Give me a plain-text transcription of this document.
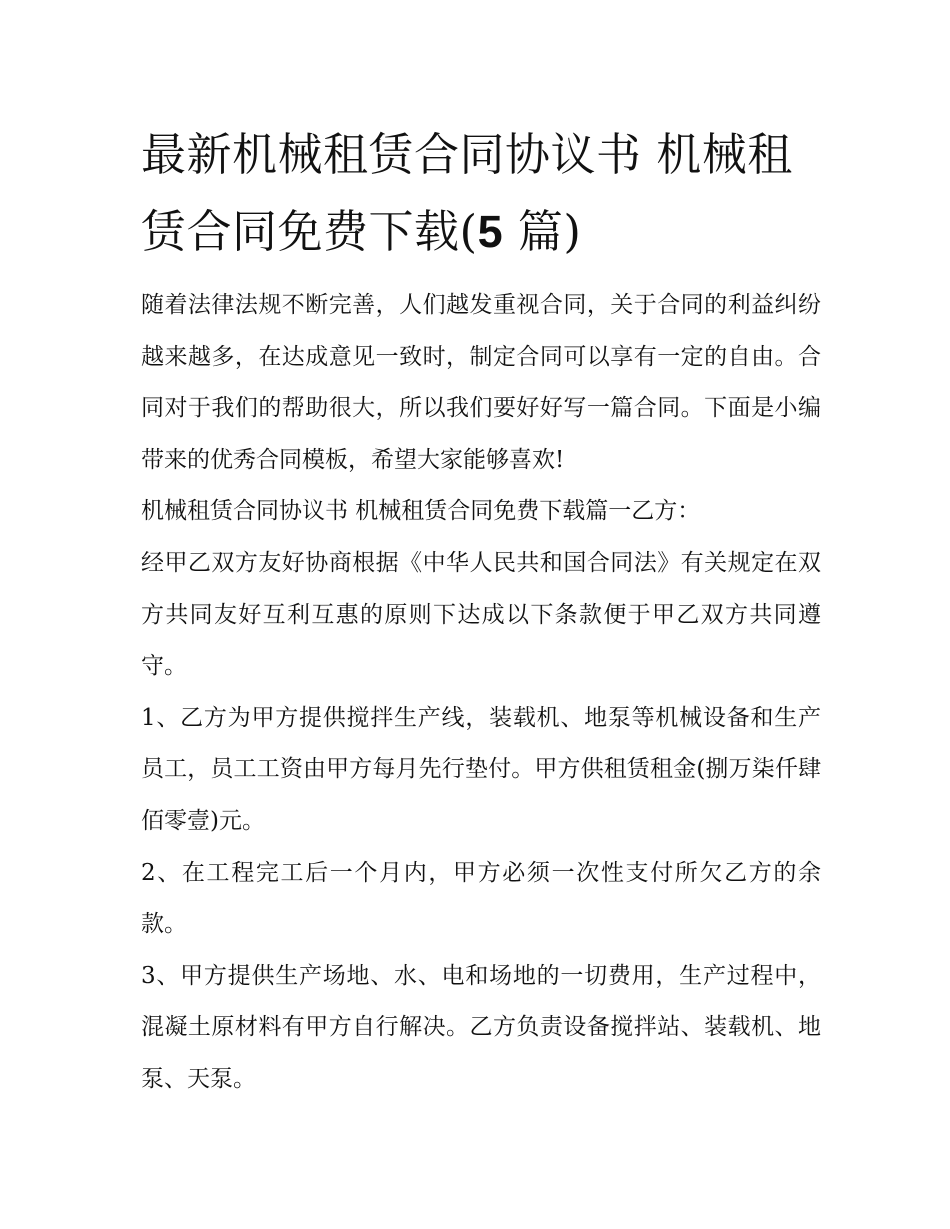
最新机械租赁合同协议书 机械租赁合同免费下载(5 篇)

随着法律法规不断完善，人们越发重视合同，关于合同的利益纠纷越来越多，在达成意见一致时，制定合同可以享有一定的自由。合同对于我们的帮助很大，所以我们要好好写一篇合同。下面是小编带来的优秀合同模板，希望大家能够喜欢!

机械租赁合同协议书 机械租赁合同免费下载篇一乙方：

经甲乙双方友好协商根据《中华人民共和国合同法》有关规定在双方共同友好互利互惠的原则下达成以下条款便于甲乙双方共同遵守。

1、乙方为甲方提供搅拌生产线，装载机、地泵等机械设备和生产员工，员工工资由甲方每月先行垫付。甲方供租赁租金(捌万柒仟肆佰零壹)元。

2、在工程完工后一个月内，甲方必须一次性支付所欠乙方的余款。

3、甲方提供生产场地、水、电和场地的一切费用，生产过程中，混凝土原材料有甲方自行解决。乙方负责设备搅拌站、装载机、地泵、天泵。
